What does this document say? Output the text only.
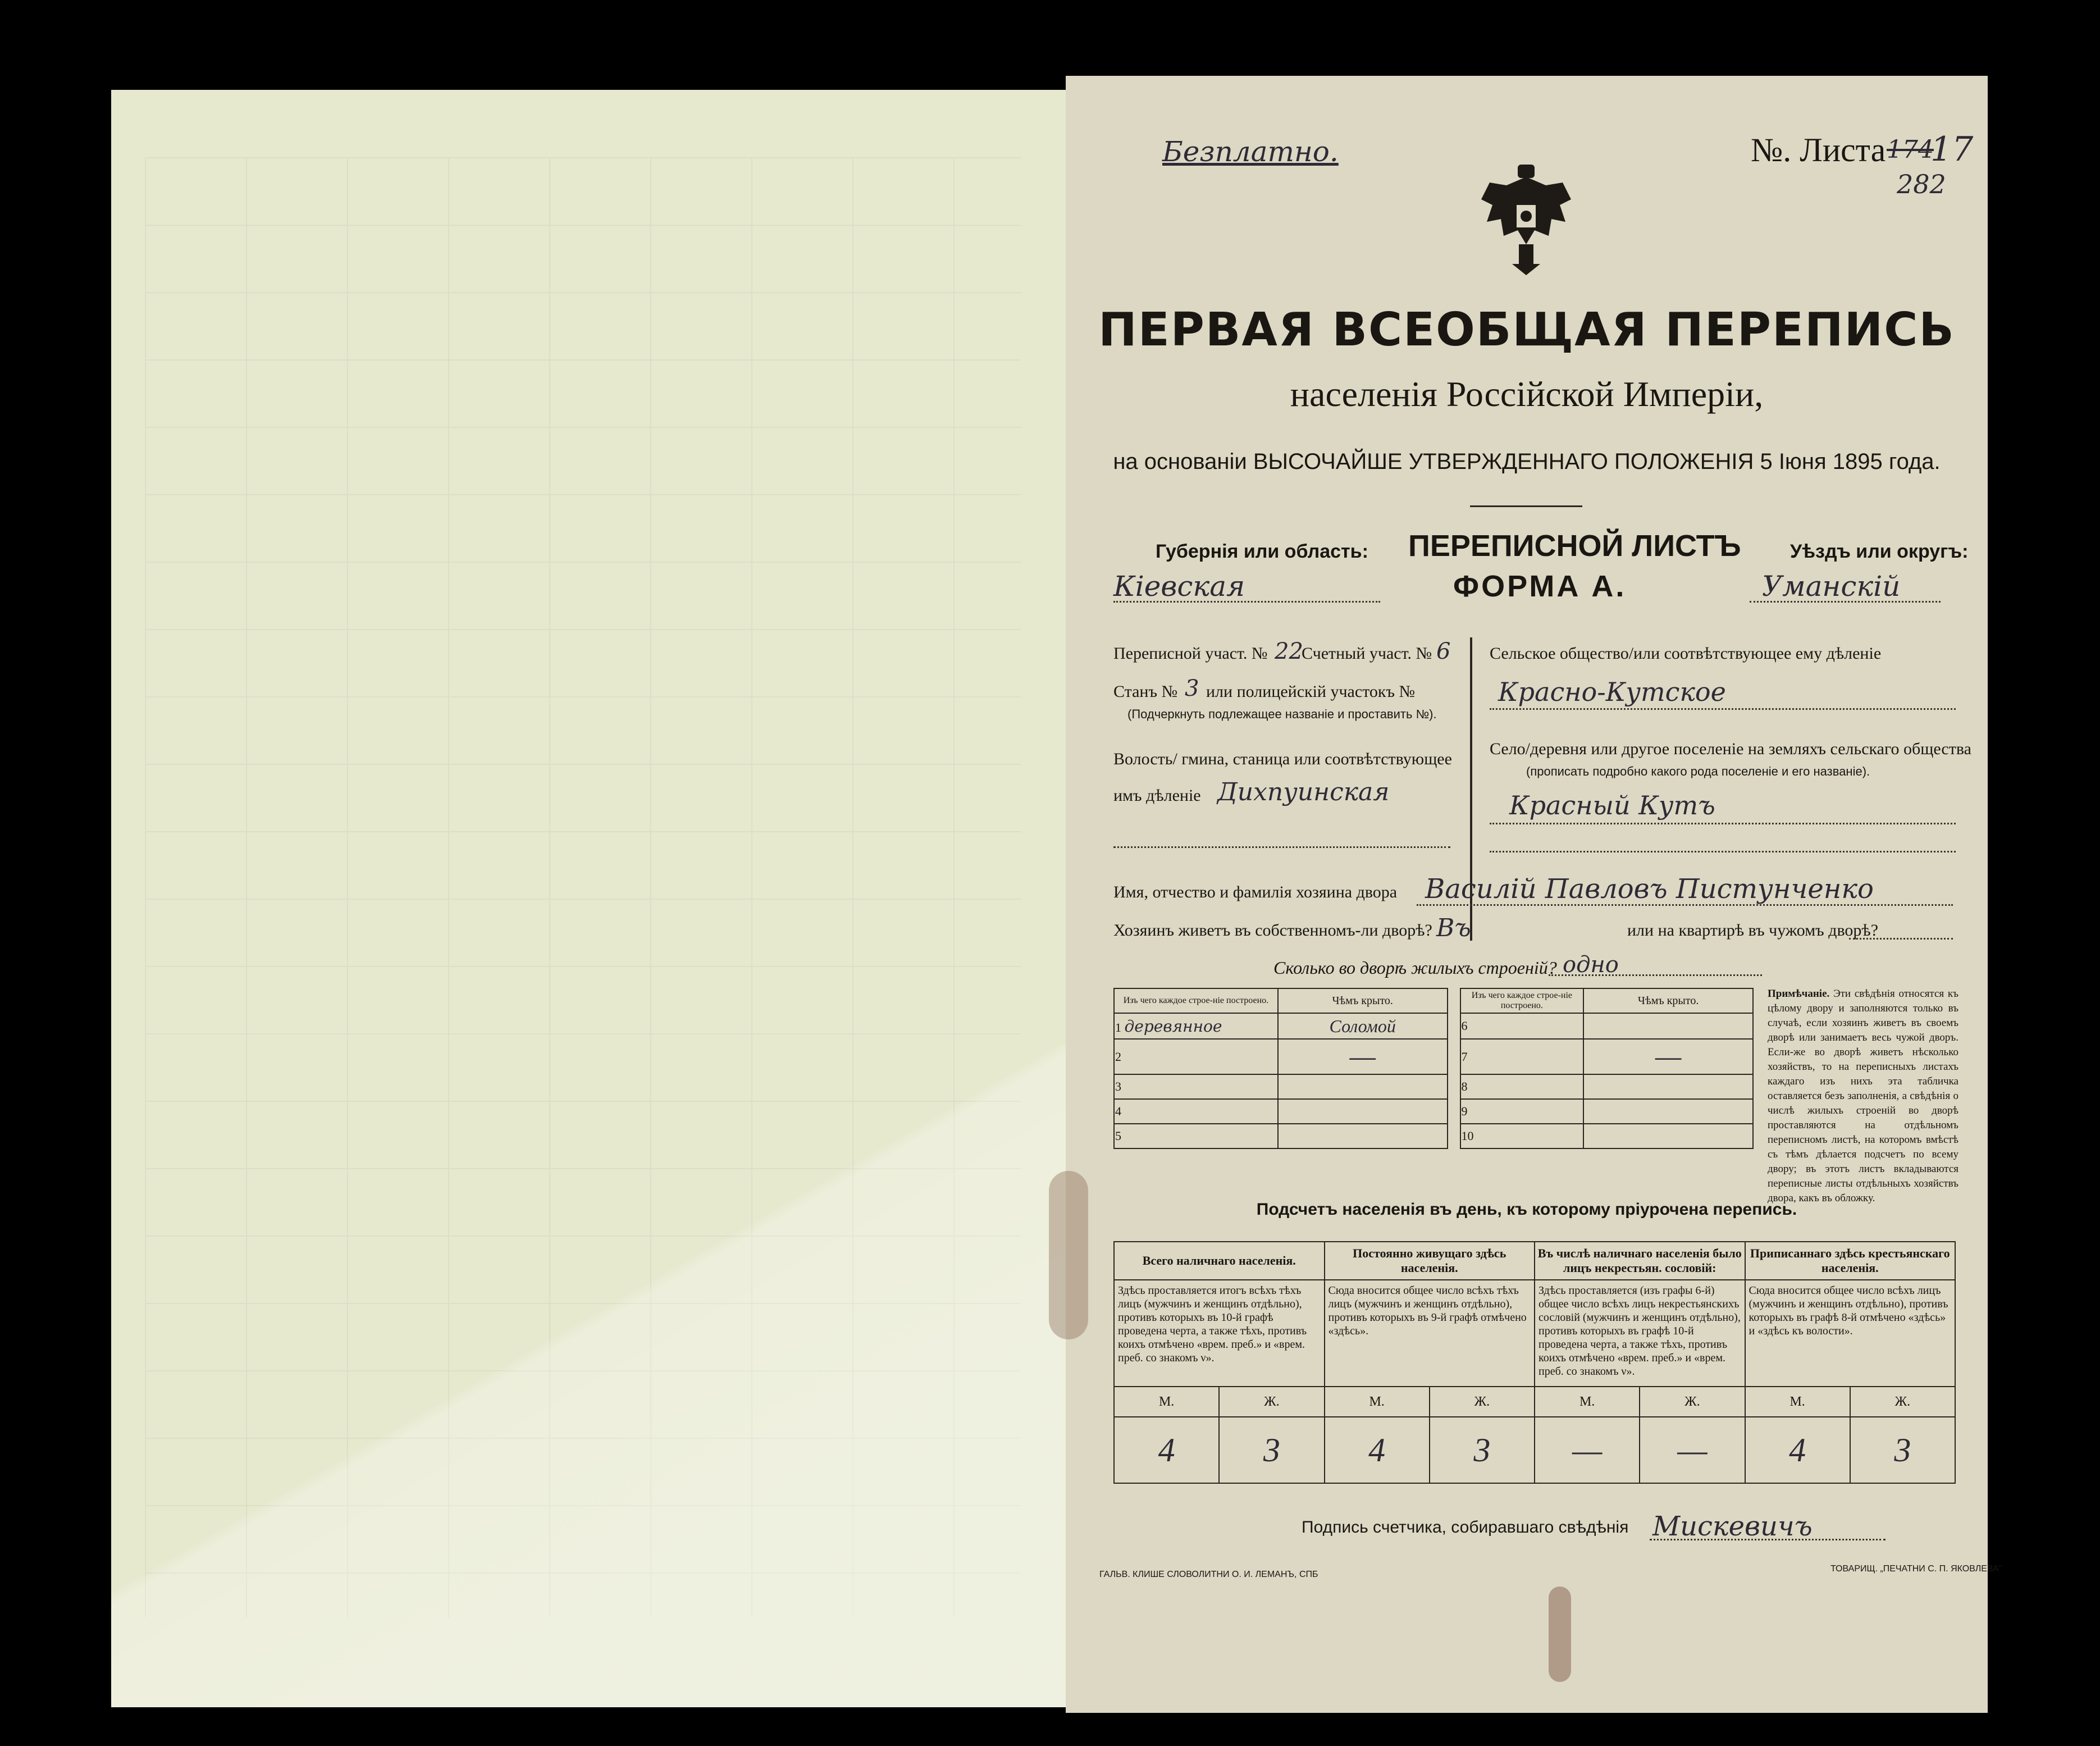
Безплатно.	№. Листа 174
17
282
ПЕРВАЯ ВСЕОБЩАЯ ПЕРЕПИСЬ
населенія Россійской Имперіи,
на основаніи ВЫСОЧАЙШЕ УТВЕРЖДЕННАГО ПОЛОЖЕНІЯ 5 Іюня 1895 года.
Губернія или область:
Кіевская
ПЕРЕПИСНОЙ ЛИСТЪ
ФОРМА А.
Уѣздъ или округъ:
Уманскій
Переписной участ. № 22
Счетный участ. № 6
Станъ № 3 или полицейскій участокъ №
(Подчеркнуть подлежащее названіе и проставить №).
Волость/ гмина, станица или соотвѣтствующее
имъ дѣленіе Дихпуинская
Сельское общество/или соотвѣтствующее ему дѣленіе
Красно-Кутское
Село/деревня или другое поселеніе на земляхъ сельскаго общества
(прописать подробно какого рода поселеніе и его названіе).
Красный Кутъ
Имя, отчество и фамилія хозяина двора Василій Павловъ Пистунченко
Хозяинъ живетъ въ собственномъ-ли дворѣ? Въ	или на квартирѣ въ чужомъ дворѣ?
Сколько во дворѣ жилыхъ строеній? одно
Изъ чего каждое строе-ніе построено.	Чѣмъ крыто.		Изъ чего каждое строе-ніе построено.	Чѣмъ крыто.
1 деревянное	Соломой		6	
2	—		7	—
3			8	
4			9	
5			10	
Примѣчаніе. Эти свѣдѣнія относятся къ цѣлому двору и заполняются только въ случаѣ, если хозяинъ живетъ въ своемъ дворѣ или занимаетъ весь чужой дворъ. Если-же во дворѣ живетъ нѣсколько хозяйствъ, то на переписныхъ листахъ каждаго изъ нихъ эта табличка оставляется безъ заполненія, а свѣдѣнія о числѣ жилыхъ строеній во дворѣ проставляются на отдѣльномъ переписномъ листѣ, на которомъ вмѣстѣ съ тѣмъ дѣлается подсчетъ по всему двору; въ этотъ листъ вкладываются переписные листы отдѣльныхъ хозяйствъ двора, какъ въ обложку.
Подсчетъ населенія въ день, къ которому пріурочена перепись.
Всего наличнаго населенія.		Постоянно живущаго здѣсь населенія.		Въ числѣ наличнаго населенія было лицъ некрестьян. сословій:		Приписаннаго здѣсь крестьянскаго населенія.	
Здѣсь проставляется итогъ всѣхъ тѣхъ лицъ (мужчинъ и женщинъ отдѣльно), противъ которыхъ въ 10-й графѣ проведена черта, а также тѣхъ, противъ коихъ отмѣчено «врем. преб.» и «врем. преб. со знакомъ ν».		Сюда вносится общее число всѣхъ тѣхъ лицъ (мужчинъ и женщинъ отдѣльно), противъ которыхъ въ 9-й графѣ отмѣчено «здѣсь».		Здѣсь проставляется (изъ графы 6-й) общее число всѣхъ лицъ некрестьянскихъ сословій (мужчинъ и женщинъ отдѣльно), противъ которыхъ въ графѣ 10-й проведена черта, а также тѣхъ, противъ коихъ отмѣчено «врем. преб.» и «врем. преб. со знакомъ ν».		Сюда вносится общее число всѣхъ лицъ (мужчинъ и женщинъ отдѣльно), противъ которыхъ въ графѣ 8-й отмѣчено «здѣсь» и «здѣсь къ волости».	
М.	Ж.	М.	Ж.	М.	Ж.	М.	Ж.
4	3	4	3	—	—	4	3
Подпись счетчика, собиравшаго свѣдѣнія Мискевичъ
ГАЛЬВ. КЛИШЕ СЛОВОЛИТНИ О. И. ЛЕМАНЪ, СПБ
ТОВАРИЩ. „ПЕЧАТНИ С. П. ЯКОВЛЕВА"
